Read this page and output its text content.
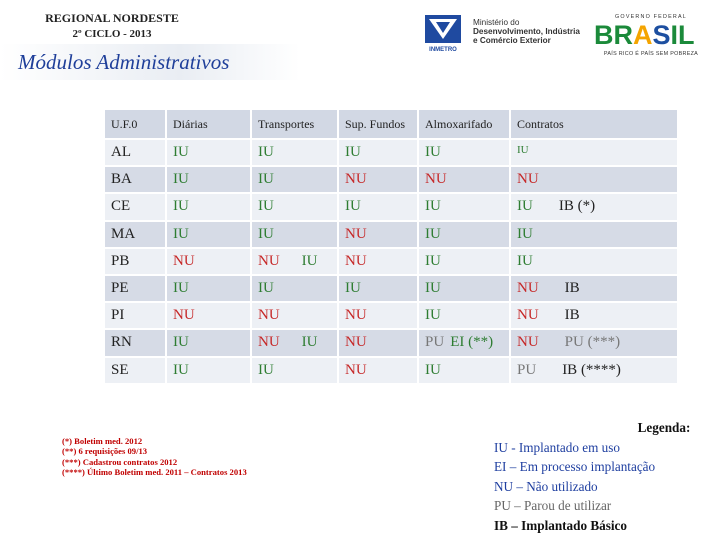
REGIONAL NORDESTE
2º CICLO - 2013
Módulos Administrativos	INMETRO
Ministério do
Desenvolvimento, Indústria
e Comércio Exterior
GOVERNO FEDERAL
BRASIL
PAÍS RICO É PAÍS SEM POBREZA
U.F.0	Diárias	Transportes	Sup. Fundos	Almoxarifado	Contratos
AL	IU	IU	IU	IU	$^{IU}$
BA	IU	IU	NU	NU	NU
CE	IU	IU	IU	IU	IU IB (*)
MA	IU	IU	NU	IU	IU
PB	NU	NU IU	NU	IU	IU
PE	IU	IU	IU	IU	NU IB
PI	NU	NU	NU	IU	NU IB
RN	IU	NU IU	NU	PU EI (**)	NU PU (***)
SE	IU	IU	NU	IU	PU IB (****)
(*) Boletim med. 2012
(**) 6 requisições 09/13
(***) Cadastrou contratos 2012
(****) Último Boletim med. 2011 – Contratos 2013
Legenda:
IU - Implantado em uso
EI – Em processo implantação
NU – Não utilizado
PU – Parou de utilizar
IB – Implantado Básico
